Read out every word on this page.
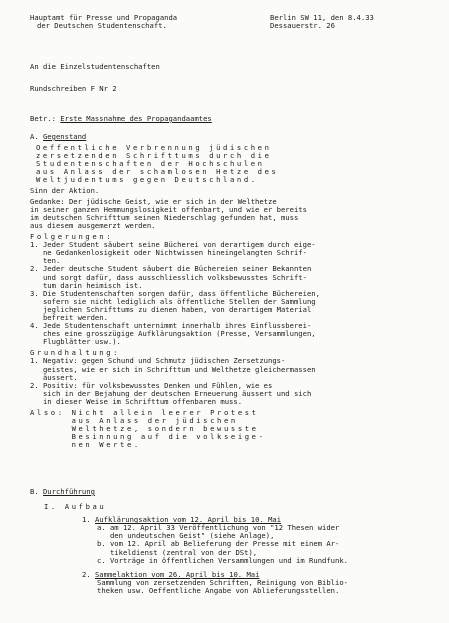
Hauptamt für Presse und Propaganda
der Deutschen Studentenschaft.
Berlin SW 11, den 8.4.33
Dessauerstr. 26
An die Einzelstudentenschaften
Rundschreiben F Nr 2
Betr.: Erste Massnahme des Propagandaamtes
A. Gegenstand
Oeffentliche Verbrennung jüdischen
zersetzenden Schrifttums durch die
Studentenschaften der Hochschulen
aus Anlass der schamlosen Hetze des
Weltjudentums gegen Deutschland.
Sinn der Aktion.
Gedanke: Der jüdische Geist, wie er sich in der Welthetze
in seiner ganzen Hemmungslosigkeit offenbart, und wie er bereits
im deutschen Schrifttum seinen Niederschlag gefunden hat, muss
aus diesem ausgemerzt werden.
Folgerungen:
1. Jeder Student säubert seine Bücherei von derartigem durch eige-
ne Gedankenlosigkeit oder Nichtwissen hineingelangten Schrif-
ten.
2. Jeder deutsche Student säubert die Büchereien seiner Bekannten
und sorgt dafür, dass ausschliesslich volksbewusstes Schrift-
tum darin heimisch ist.
3. Die Studentenschaften sorgen dafür, dass öffentliche Büchereien,
sofern sie nicht lediglich als öffentliche Stellen der Sammlung
jeglichen Schrifttums zu dienen haben, von derartigem Material
befreit werden.
4. Jede Studentenschaft unternimmt innerhalb ihres Einflussberei-
ches eine grosszügige Aufklärungsaktion (Presse, Versammlungen,
Flugblätter usw.).
Grundhaltung:
1. Negativ: gegen Schund und Schmutz jüdischen Zersetzungs-
geistes, wie er sich in Schrifttum und Welthetze gleichermassen
äussert.
2. Positiv: für volksbewusstes Denken und Fühlen, wie es
sich in der Bejahung der deutschen Erneuerung äussert und sich
in dieser Weise im Schrifttum offenbaren muss.
Also: Nicht allein leerer Protest
aus Anlass der jüdischen
Welthetze, sondern bewusste
Besinnung auf die volkseige-
nen Werte.
B. Durchführung
I. Aufbau
1. Aufklärungsaktion vom 12. April bis 10. Mai
a. am 12. April 33 Veröffentlichung von "12 Thesen wider
den undeutschen Geist" (siehe Anlage),
b. vom 12. April ab Belieferung der Presse mit einem Ar-
tikeldienst (zentral von der DSt),
c. Vorträge in öffentlichen Versammlungen und im Rundfunk.
2. Sammelaktion vom 26. April bis 10. Mai
Sammlung von zersetzenden Schriften, Reinigung von Biblio-
theken usw. Oeffentliche Angabe von Ablieferungsstellen.
